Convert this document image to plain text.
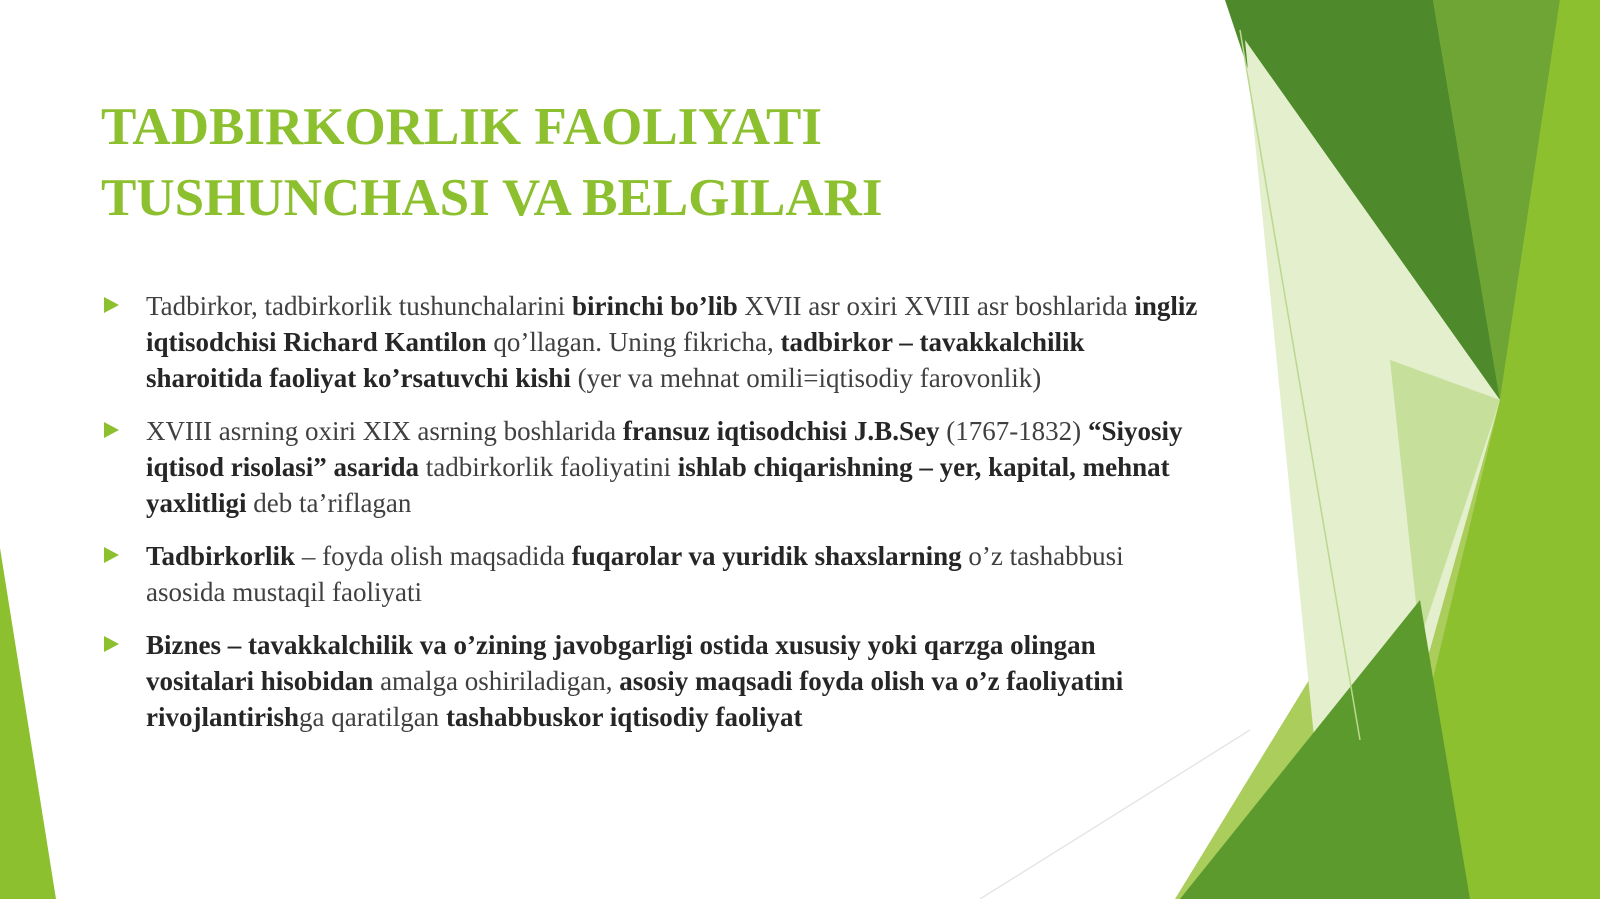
TADBIRKORLIK FAOLIYATI
TUSHUNCHASI VA BELGILARI
Tadbirkor, tadbirkorlik tushunchalarini birinchi bo’lib XVII asr oxiri XVIII asr boshlarida ingliz iqtisodchisi Richard Kantilon qo’llagan. Uning fikricha, tadbirkor – tavakkalchilik sharoitida faoliyat ko’rsatuvchi kishi (yer va mehnat omili=iqtisodiy farovonlik)
XVIII asrning oxiri XIX asrning boshlarida fransuz iqtisodchisi J.B.Sey (1767-1832) “Siyosiy iqtisod risolasi” asarida tadbirkorlik faoliyatini ishlab chiqarishning – yer, kapital, mehnat yaxlitligi deb ta’riflagan
Tadbirkorlik – foyda olish maqsadida fuqarolar va yuridik shaxslarning o’z tashabbusi asosida mustaqil faoliyati
Biznes – tavakkalchilik va o’zining javobgarligi ostida xususiy yoki qarzga olingan vositalari hisobidan amalga oshiriladigan, asosiy maqsadi foyda olish va o’z faoliyatini rivojlantirishga qaratilgan tashabbuskor iqtisodiy faoliyat
